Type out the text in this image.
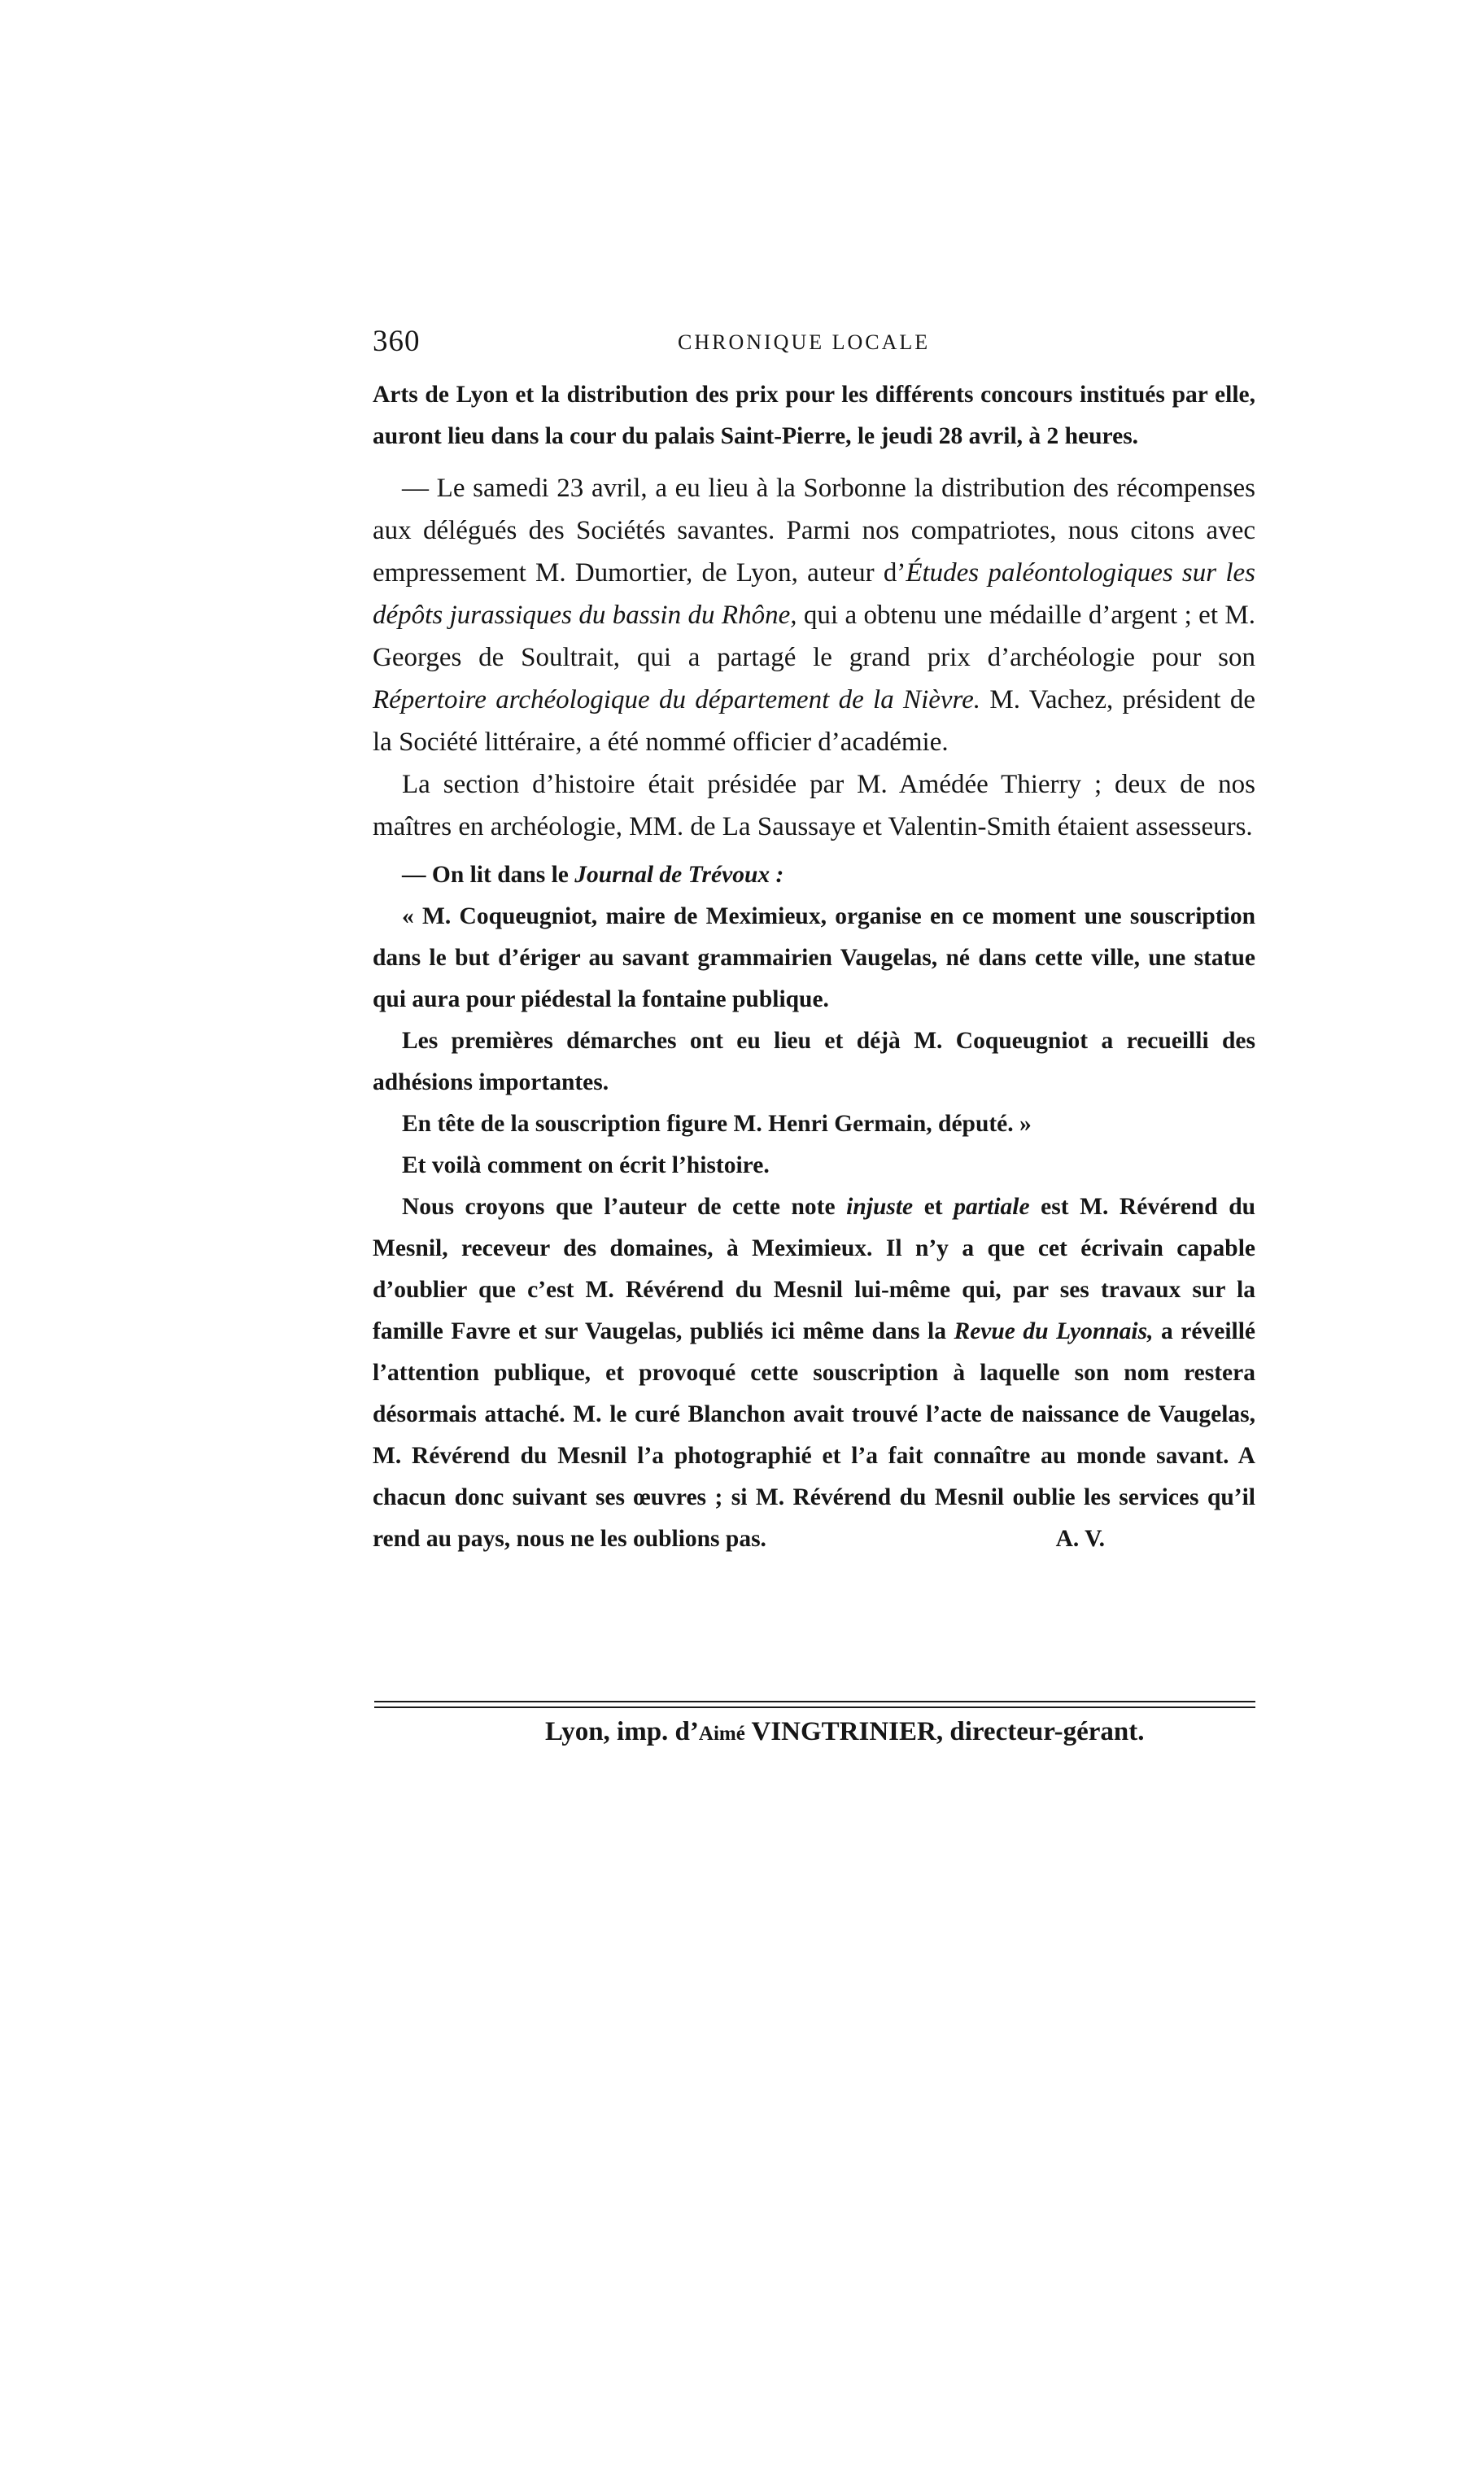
360	CHRONIQUE LOCALE

Arts de Lyon et la distribution des prix pour les différents concours institués par elle, auront lieu dans la cour du palais Saint-Pierre, le jeudi 28 avril, à 2 heures.

— Le samedi 23 avril, a eu lieu à la Sorbonne la distribution des récompenses aux délégués des Sociétés savantes. Parmi nos compatriotes, nous citons avec empressement M. Dumortier, de Lyon, auteur d’Études paléontologiques sur les dépôts jurassiques du bassin du Rhône, qui a obtenu une médaille d’argent ; et M. Georges de Soultrait, qui a partagé le grand prix d’archéologie pour son Répertoire archéologique du département de la Nièvre. M. Vachez, président de la Société littéraire, a été nommé officier d’académie.

La section d’histoire était présidée par M. Amédée Thierry ; deux de nos maîtres en archéologie, MM. de La Saussaye et Valentin-Smith étaient assesseurs.

— On lit dans le Journal de Trévoux :

« M. Coqueugniot, maire de Meximieux, organise en ce moment une souscription dans le but d’ériger au savant grammairien Vaugelas, né dans cette ville, une statue qui aura pour piédestal la fontaine publique.

Les premières démarches ont eu lieu et déjà M. Coqueugniot a recueilli des adhésions importantes.

En tête de la souscription figure M. Henri Germain, député. »

Et voilà comment on écrit l’histoire.

Nous croyons que l’auteur de cette note injuste et partiale est M. Révérend du Mesnil, receveur des domaines, à Meximieux. Il n’y a que cet écrivain capable d’oublier que c’est M. Révérend du Mesnil lui-même qui, par ses travaux sur la famille Favre et sur Vaugelas, publiés ici même dans la Revue du Lyonnais, a réveillé l’attention publique, et provoqué cette souscription à laquelle son nom restera désormais attaché. M. le curé Blanchon avait trouvé l’acte de naissance de Vaugelas, M. Révérend du Mesnil l’a photographié et l’a fait connaître au monde savant. A chacun donc suivant ses œuvres ; si M. Révérend du Mesnil oublie les services qu’il rend au pays, nous ne les oublions pas.	A. V.

Lyon, imp. d’Aimé VINGTRINIER, directeur-gérant.
